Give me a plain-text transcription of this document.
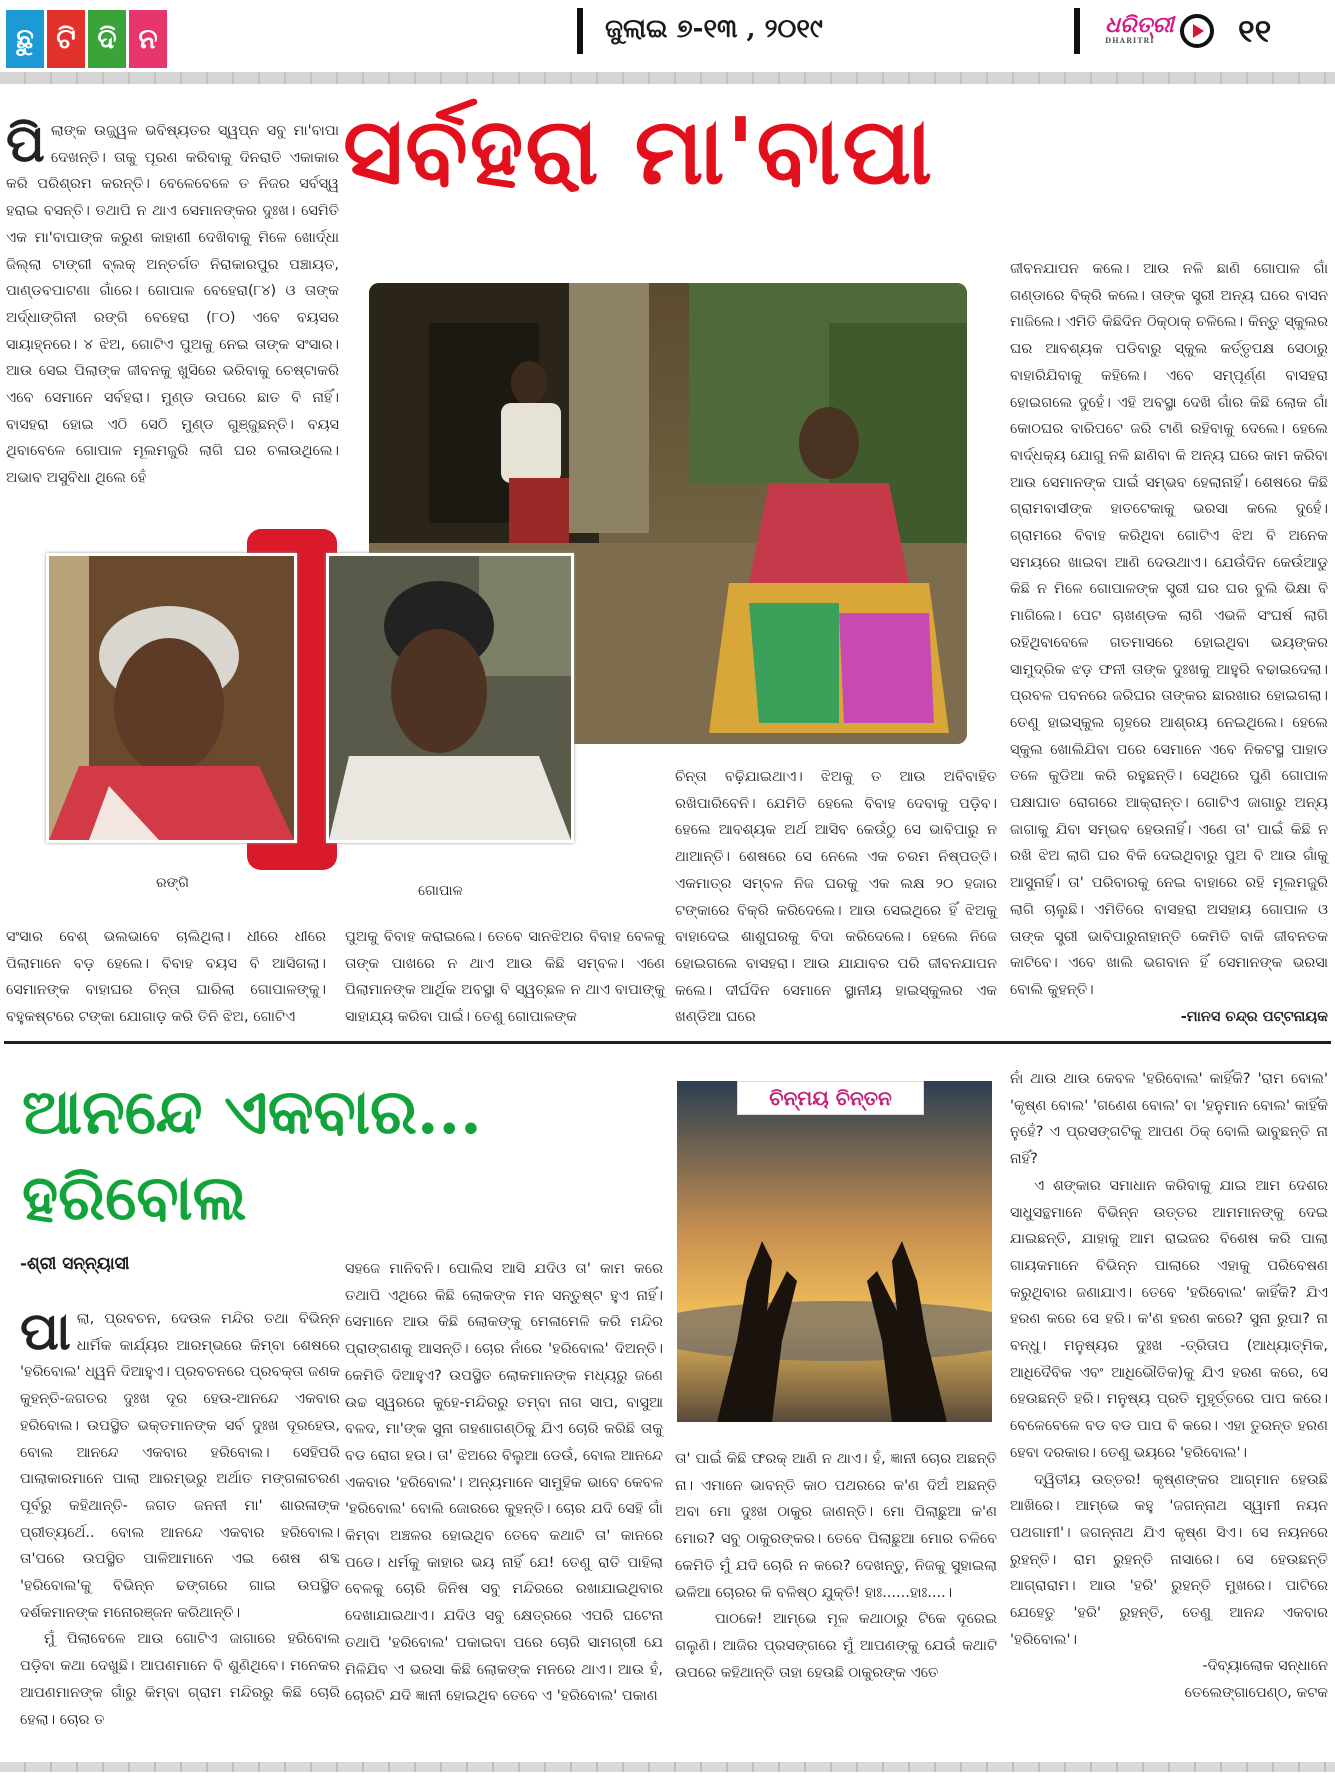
ଛୁ ଟି ଦି ନ	ଜୁଲାଇ ୭-୧୩ , ୨୦୧୯	ଧରିତ୍ରୀ
DHARITRI	୧୧
ସର୍ବହରା ମା'ବାପା
ପି ଲାଙ୍କ ଉଜ୍ଜ୍ୱଳ ଭବିଷ୍ୟତର ସ୍ୱପ୍ନ ସବୁ ମା'ବାପା ଦେଖନ୍ତି। ତାକୁ ପୂରଣ କରିବାକୁ ଦିନରାତି ଏକାକାର କରି ପରିଶ୍ରମ କରନ୍ତି। ବେଳେବେଳେ ତ ନିଜର ସର୍ବସ୍ୱ ହରାଇ ବସନ୍ତି। ତଥାପି ନ ଥାଏ ସେମାନଙ୍କର ଦୁଃଖ। ସେମିତି ଏକ ମା'ବାପାଙ୍କ କରୁଣ କାହାଣୀ ଦେଖିବାକୁ ମିଳେ ଖୋର୍ଦ୍ଧା ଜିଲ୍ଲା ଟାଙ୍ଗୀ ବ୍ଲକ୍ ଅନ୍ତର୍ଗତ ନିରାକାରପୁର ପଞ୍ଚାୟତ, ପାଣ୍ଡବପାଟଣା ଗାଁରେ। ଗୋପାଳ ବେହେରା(୮୪) ଓ ତାଙ୍କ ଅର୍ଦ୍ଧାଙ୍ଗିନୀ ରଙ୍ଗି ବେହେରା (୮୦) ଏବେ ବୟସର ସାୟାହ୍ନରେ। ୪ ଝିଅ, ଗୋଟିଏ ପୁଅକୁ ନେଇ ତାଙ୍କ ସଂସାର। ଆଉ ସେଇ ପିଲାଙ୍କ ଜୀବନକୁ ଖୁସିରେ ଭରିବାକୁ ଚେଷ୍ଟାକରି ଏବେ ସେମାନେ ସର୍ବହରା। ମୁଣ୍ଡ ଉପରେ ଛାତ ବି ନାହିଁ। ବାସହରା ହୋଇ ଏଠି ସେଠି ମୁଣ୍ଡ ଗୁଞ୍ଜୁଛନ୍ତି। ବୟସ ଥିବାବେଳେ ଗୋପାଳ ମୂଲମଜୁରି ଲାଗି ଘର ଚଳାଉଥିଲେ। ଅଭାବ ଅସୁବିଧା ଥିଲେ ହେଁ
ରଙ୍ଗି	ଗୋପାଳ

ସଂସାର ବେଶ୍ ଭଲଭାବେ ଚାଲିଥିଲା। ଧୀରେ ଧୀରେ ପିଲାମାନେ ବଡ଼ ହେଲେ। ବିବାହ ବୟସ ବି ଆସିଗଲା। ସେମାନଙ୍କ ବାହାଘର ଚିନ୍ତା ଘାରିଲା ଗୋପାଳଙ୍କୁ। ବହୁକଷ୍ଟରେ ଟଙ୍କା ଯୋଗାଡ଼ କରି ତିନି ଝିଅ, ଗୋଟିଏ

ପୁଅକୁ ବିବାହ କରାଇଲେ। ତେବେ ସାନଝିଅର ବିବାହ ବେଳକୁ ତାଙ୍କ ପାଖରେ ନ ଥାଏ ଆଉ କିଛି ସମ୍ବଳ। ଏଣେ ପିଲାମାନଙ୍କ ଆର୍ଥିକ ଅବସ୍ଥା ବି ସ୍ୱଚ୍ଛଳ ନ ଥାଏ ବାପାଙ୍କୁ ସାହାଯ୍ୟ କରିବା ପାଇଁ। ତେଣୁ ଗୋପାଳଙ୍କ

ଚିନ୍ତା ବଢ଼ିଯାଇଥାଏ। ଝିଅକୁ ତ ଆଉ ଅବିବାହିତ ରଖିପାରିବେନି। ଯେମିତି ହେଲେ ବିବାହ ଦେବାକୁ ପଡ଼ିବ। ହେଲେ ଆବଶ୍ୟକ ଅର୍ଥ ଆସିବ କେଉଁଠୁ ସେ ଭାବିପାରୁ ନ ଥାଆନ୍ତି। ଶେଷରେ ସେ ନେଲେ ଏକ ଚରମ ନିଷ୍ପତ୍ତି। ଏକମାତ୍ର ସମ୍ବଳ ନିଜ ଘରକୁ ଏକ ଲକ୍ଷ ୨୦ ହଜାର ଟଙ୍କାରେ ବିକ୍ରି କରିଦେଲେ। ଆଉ ସେଇଥିରେ ହିଁ ଝିଅକୁ ବାହାଦେଇ ଶାଶୁଘରକୁ ବିଦା କରିଦେଲେ। ହେଲେ ନିଜେ ହୋଇଗଲେ ବାସହରା। ଆଉ ଯାଯାବର ପରି ଜୀବନଯାପନ କଲେ। ଦୀର୍ଘଦିନ ସେମାନେ ସ୍ଥାନୀୟ ହାଇସ୍କୁଲର ଏକ ଖଣ୍ଡିଆ ଘରେ

ଜୀବନଯାପନ କଲେ। ଆଉ ନଳି ଛାଣି ଗୋପାଳ ଗାଁ ଗଣ୍ଡାରେ ବିକ୍ରି କଲେ। ତାଙ୍କ ସ୍ତ୍ରୀ ଅନ୍ୟ ଘରେ ବାସନ ମାଜିଲେ। ଏମିତି କିଛିଦିନ ଠିକ୍‌ଠାକ୍ ଚଳିଲେ। କିନ୍ତୁ ସ୍କୁଲର ଘର ଆବଶ୍ୟକ ପଡିବାରୁ ସ୍କୁଲ କର୍ତ୍ତୃପକ୍ଷ ସେଠାରୁ ବାହାରିଯିବାକୁ କହିଲେ। ଏବେ ସମ୍ପୂର୍ଣ୍ଣ ବାସହରା ହୋଇଗଲେ ଦୁହେଁ। ଏହି ଅବସ୍ଥା ଦେଖି ଗାଁର କିଛି ଲୋକ ଗାଁ କୋଠଘର ବାରିପଟେ ଜରି ଟାଣି ରହିବାକୁ ଦେଲେ। ହେଲେ ବାର୍ଦ୍ଧକ୍ୟ ଯୋଗୁ ନଳି ଛାଣିବା କି ଅନ୍ୟ ଘରେ କାମ କରିବା ଆଉ ସେମାନଙ୍କ ପାଇଁ ସମ୍ଭବ ହେଲାନାହିଁ। ଶେଷରେ କିଛି ଗ୍ରାମବାସୀଙ୍କ ହାତଟେକାକୁ ଭରସା କଲେ ଦୁହେଁ। ଗ୍ରାମରେ ବିବାହ କରିଥିବା ଗୋଟିଏ ଝିଅ ବି ଅନେକ ସମୟରେ ଖାଇବା ଆଣି ଦେଉଥାଏ। ଯେଉଁଦିନ କେଉଁଆଡୁ କିଛି ନ ମିଳେ ଗୋପାଳଙ୍କ ସ୍ତ୍ରୀ ଘର ଘର ବୁଲି ଭିକ୍ଷା ବି ମାଗିଲେ। ପେଟ ଚାଖଣ୍ଡକ ଲାଗି ଏଭଳି ସଂଘର୍ଷ ଲାଗି ରହିଥିବାବେଳେ ଗତମାସରେ ହୋଇଥିବା ଭୟଙ୍କର ସାମୁଦ୍ରିକ ଝଡ଼ ଫନୀ ତାଙ୍କ ଦୁଃଖକୁ ଆହୁରି ବଢାଇଦେଲା। ପ୍ରବଳ ପବନରେ ଜରିଘର ତାଙ୍କର ଛାରଖାର ହୋଇଗଲା। ତେଣୁ ହାଇସ୍କୁଲ ଗୃହରେ ଆଶ୍ରୟ ନେଇଥିଲେ। ହେଲେ ସ୍କୁଲ ଖୋଲିଯିବା ପରେ ସେମାନେ ଏବେ ନିକଟସ୍ଥ ପାହାଡ ତଳେ କୁଡିଆ କରି ରହୁଛନ୍ତି। ସେଥିରେ ପୁଣି ଗୋପାଳ ପକ୍ଷାଘାତ ରୋଗରେ ଆକ୍ରାନ୍ତ। ଗୋଟିଏ ଜାଗାରୁ ଅନ୍ୟ ଜାଗାକୁ ଯିବା ସମ୍ଭବ ହେଉନାହିଁ। ଏଣେ ତା' ପାଇଁ କିଛି ନ ରଖି ଝିଅ ଲାଗି ଘର ବିକି ଦେଇଥିବାରୁ ପୁଅ ବି ଆଉ ଗାଁକୁ ଆସୁନାହିଁ। ତା' ପରିବାରକୁ ନେଇ ବାହାରେ ରହି ମୂଲମଜୁରି ଲାଗି ଚାଲୁଛି। ଏମିତିରେ ବାସହରା ଅସହାୟ ଗୋପାଳ ଓ ତାଙ୍କ ସ୍ତ୍ରୀ ଭାବିପାରୁନାହାନ୍ତି କେମିତି ବାକି ଜୀବନତକ କାଟିବେ। ଏବେ ଖାଲି ଭଗବାନ ହିଁ ସେମାନଙ୍କ ଭରସା ବୋଲି କୁହନ୍ତି।

-ମାନସ ଚନ୍ଦ୍ର ପଟ୍ଟନାୟକ

ଆନନ୍ଦେ ଏକବାର...
ହରିବୋଲ
-ଶ୍ରୀ ସନ୍ନ୍ୟାସୀ
ପା ଲା, ପ୍ରବଚନ, ଦେଉଳ ମନ୍ଦିର ତଥା ବିଭିନ୍ନ ଧାର୍ମିକ କାର୍ଯ୍ୟର ଆରମ୍ଭରେ କିମ୍ବା ଶେଷରେ 'ହରିବୋଲ' ଧ୍ୱନି ଦିଆହୁଏ। ପ୍ରବଚନରେ ପ୍ରବକ୍ତା ଜଣକ କୁହନ୍ତି-ଜଗତର ଦୁଃଖ ଦୂର ହେଉ-ଆନନ୍ଦେ ଏକବାର ହରିବୋଲ। ଉପସ୍ଥିତ ଭକ୍ତମାନଙ୍କ ସର୍ବ ଦୁଃଖ ଦୂରହେଉ, ବୋଲ ଆନନ୍ଦେ ଏକବାର ହରିବୋଲ। ସେହିପରି ପାଲାକାରମାନେ ପାଲା ଆରମ୍ଭରୁ ଅର୍ଥାତ ମଙ୍ଗଳାଚରଣ ପୂର୍ବରୁ କହିଥାନ୍ତି- ଜଗତ ଜନନୀ ମା' ଶାରଳାଙ୍କ ପ୍ରୀତ୍ୟର୍ଥେ.. ବୋଲ ଆନନ୍ଦେ ଏକବାର ହରିବୋଲ। ତା'ପରେ ଉପସ୍ଥିତ ପାଳିଆମାନେ ଏଇ ଶେଷ ଶବ୍ଦ 'ହରିବୋଲ'କୁ ବିଭିନ୍ନ ଢଙ୍ଗରେ ଗାଇ ଉପସ୍ଥିତ ଦର୍ଶକମାନଙ୍କ ମନୋରଞ୍ଜନ କରିଥାନ୍ତି।

ମୁଁ ପିଲାବେଳେ ଆଉ ଗୋଟିଏ ଜାଗାରେ ହରିବୋଲ ପଡ଼ିବା କଥା ଦେଖୁଛି। ଆପଣମାନେ ବି ଶୁଣିଥିବେ। ମନେକର ଆପଣମାନଙ୍କ ଗାଁରୁ କିମ୍ବା ଗ୍ରାମ ମନ୍ଦିରରୁ କିଛି ଚୋରି ହେଲା। ଚୋର ତ

ସହଜେ ମାନିବନି। ପୋଲିସ ଆସି ଯଦିଓ ତା' କାମ କରେ ତଥାପି ଏଥିରେ କିଛି ଲୋକଙ୍କ ମନ ସନ୍ତୁଷ୍ଟ ହୁଏ ନାହିଁ। ସେମାନେ ଆଉ କିଛି ଲୋକଙ୍କୁ ମେଳାମେଳି କରି ମନ୍ଦିର ପ୍ରାଙ୍ଗଣକୁ ଆସନ୍ତି। ଚୋର ନାଁରେ 'ହରିବୋଲ' ଦିଅନ୍ତି। କେମିତି ଦିଆହୁଏ? ଉପସ୍ଥିତ ଲୋକମାନଙ୍କ ମଧ୍ୟରୁ ଜଣେ ଉଚ୍ଚ ସ୍ୱରରେ କୁହେ-ମନ୍ଦିରରୁ ତମ୍ବା ନାଗ ସାପ, ବାସୁଆ ବଳଦ, ମା'ଙ୍କ ସୁନା ଗହଣାଗଣ୍ଠିକୁ ଯିଏ ଚୋରି କରିଛି ତାକୁ ବଡ ରୋଗ ହଉ। ତା' ଝିଅରେ ବିଲୁଆ ଡେଉଁ, ବୋଲ ଆନନ୍ଦେ ଏକବାର 'ହରିବୋଲ'। ଅନ୍ୟମାନେ ସାମୁହିକ ଭାବେ କେବଳ 'ହରିବୋଲ' ବୋଲି ଜୋରରେ କୁହନ୍ତି। ଚୋର ଯଦି ସେହି ଗାଁ କିମ୍ବା ଅଞ୍ଚଳର ହୋଇଥିବ ତେବେ କଥାଟି ତା' କାନରେ ପଡେ। ଧର୍ମକୁ କାହାର ଭୟ ନାହିଁ ଯେ! ତେଣୁ ରାତି ପାହିଲା ବେଳକୁ ଚୋରି ଜିନିଷ ସବୁ ମନ୍ଦିରରେ ରଖାଯାଇଥିବାର ଦେଖାଯାଇଥାଏ। ଯଦିଓ ସବୁ କ୍ଷେତ୍ରରେ ଏପରି ଘଟେନା ତଥାପି 'ହରିବୋଲ' ପକାଇବା ପରେ ଚୋରି ସାମଗ୍ରୀ ଯେ ମିଳିଯିବ ଏ ଭରସା କିଛି ଲୋକଙ୍କ ମନରେ ଥାଏ। ଆଉ ହଁ, ଚୋରଟି ଯଦି ଜ୍ଞାନୀ ହୋଇଥିବ ତେବେ ଏ 'ହରିବୋଲ' ପକାଣ

ଚିନ୍ମୟ ଚିନ୍ତନ

ତା' ପାଇଁ କିଛି ଫରକ୍ ଆଣି ନ ଥାଏ। ହଁ, ଜ୍ଞାନୀ ଚୋର ଅଛନ୍ତି ନା। ଏମାନେ ଭାବନ୍ତି କାଠ ପଥରରେ କ'ଣ ଦିଅଁ ଅଛନ୍ତି ଅବା ମୋ ଦୁଃଖ ଠାକୁର ଜାଣନ୍ତି। ମୋ ପିଲାଛୁଆ କ'ଣ ମୋର? ସବୁ ଠାକୁରଙ୍କର। ତେବେ ପିଲାଛୁଆ ମୋର ଚଳିବେ କେମିତି ମୁଁ ଯଦି ଚୋରି ନ କରେ? ଦେଖନ୍ତୁ, ନିଜକୁ ସୁହାଇଲା ଭଳିଆ ଚୋରର କି ବଳିଷ୍ଠ ଯୁକ୍ତି! ହାଃ......ହାଃ....।

ପାଠକେ! ଆମ୍ଭେ ମୂଳ କଥାଠାରୁ ଟିକେ ଦୂରେଇ ଗଲୁଣି। ଆଜିର ପ୍ରସଙ୍ଗରେ ମୁଁ ଆପଣଙ୍କୁ ଯେଉଁ କଥାଟି ଉପରେ କହିଥାନ୍ତି ତାହା ହେଉଛି ଠାକୁରଙ୍କ ଏତେ

ନାଁ ଥାଉ ଥାଉ କେବଳ 'ହରିବୋଲ' କାହିଁକି? 'ରାମ ବୋଲ' 'କୃଷ୍ଣ ବୋଲ' 'ଗଣେଶ ବୋଲ' ବା 'ହନୁମାନ ବୋଲ' କାହିଁକି ନୁହେଁ? ଏ ପ୍ରସଙ୍ଗଟିକୁ ଆପଣ ଠିକ୍ ବୋଲି ଭାବୁଛନ୍ତି ନା ନାହିଁ?

ଏ ଶଙ୍କାର ସମାଧାନ କରିବାକୁ ଯାଇ ଆମ ଦେଶର ସାଧୁସନ୍ଥମାନେ ବିଭିନ୍ନ ଉତ୍ତର ଆମମାନଙ୍କୁ ଦେଇ ଯାଇଛନ୍ତି, ଯାହାକୁ ଆମ ରାଇଜର ବିଶେଷ କରି ପାଲା ଗାୟକମାନେ ବିଭିନ୍ନ ପାଲାରେ ଏହାକୁ ପରିବେଷଣ କରୁଥିବାର ଜଣାଯାଏ। ତେବେ 'ହରିବୋଲ' କାହିଁକି? ଯିଏ ହରଣ କରେ ସେ ହରି। କ'ଣ ହରଣ କରେ? ସୁନା ରୁପା? ନା ବନ୍ଧୁ। ମନୁଷ୍ୟର ଦୁଃଖ -ତ୍ରିତାପ (ଆଧ୍ୟାତ୍ମିକ, ଆଧିଦୈବିକ ଏବଂ ଆଧିଭୌତିକ)କୁ ଯିଏ ହରଣ କରେ, ସେ ହେଉଛନ୍ତି ହରି। ମନୁଷ୍ୟ ପ୍ରତି ମୁହୂର୍ତ୍ତରେ ପାପ କରେ। ବେଳେବେଳେ ବଡ ବଡ ପାପ ବି କରେ। ଏହା ତୁରନ୍ତ ହରଣ ହେବା ଦରକାର। ତେଣୁ ଭୟରେ 'ହରିବୋଲ'।

ଦ୍ୱିତୀୟ ଉତ୍ତର! କୃଷ୍ଣଙ୍କର ଆଗ୍ମାନ ହେଉଛି ଆଖିରେ। ଆମ୍ଭେ କହୁ 'ଜଗନ୍ନାଥ ସ୍ୱାମୀ ନୟନ ପଥଗାମୀ'। ଜଗନ୍ନାଥ ଯିଏ କୃଷ୍ଣ ସିଏ। ସେ ନୟନରେ ରୁହନ୍ତି। ରାମ ରୁହନ୍ତି ନାସାରେ। ସେ ହେଉଛନ୍ତି ଆଗ୍ରାରାମ। ଆଉ 'ହରି' ରୁହନ୍ତି ମୁଖରେ। ପାଟିରେ ଯେହେତୁ 'ହରି' ରୁହନ୍ତି, ତେଣୁ ଆନନ୍ଦ ଏକବାର 'ହରିବୋଲ'।

-ଦିବ୍ୟାଲୋକ ସନ୍ଧାନେ

ତେଲେଙ୍ଗାପେଣ୍ଠ, କଟକ
